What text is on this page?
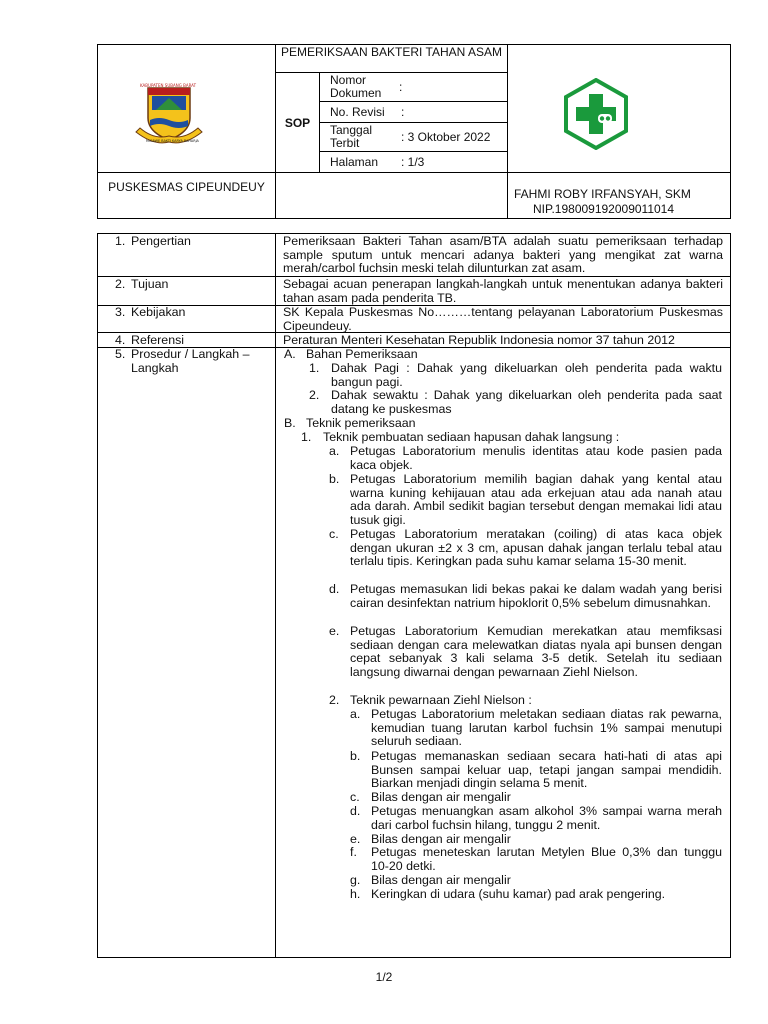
KABUPATEN SUBANG BARAT
MIGAWE BAKTI KARYA RAHARJA
PEMERIKSAAN BAKTERI TAHAN ASAM
SOP
Nomor Dokumen	:
No. Revisi :
Tanggal Terbit	: 3 Oktober 2022
Halaman : 1/3
PUSKESMAS CIPEUNDEUY	FAHMI ROBY IRFANSYAH, SKM
NIP.198009192009011014
1. Pengertian	Pemeriksaan Bakteri Tahan asam/BTA adalah suatu pemeriksaan terhadap sample sputum untuk mencari adanya bakteri yang mengikat zat warna merah/carbol fuchsin meski telah dilunturkan zat asam.
2. Tujuan	Sebagai acuan penerapan langkah-langkah untuk menentukan adanya bakteri tahan asam pada penderita TB.
3. Kebijakan	SK Kepala Puskesmas No………tentang pelayanan Laboratorium Puskesmas Cipeundeuy.
4. Referensi	Peraturan Menteri Kesehatan Republik Indonesia nomor 37 tahun 2012
5. Prosedur / Langkah – Langkah
A. Bahan Pemeriksaan
1. Dahak Pagi : Dahak yang dikeluarkan oleh penderita pada waktu bangun pagi.
2. Dahak sewaktu : Dahak yang dikeluarkan oleh penderita pada saat datang ke puskesmas
B. Teknik pemeriksaan
1. Teknik pembuatan sediaan hapusan dahak langsung :
a. Petugas Laboratorium menulis identitas atau kode pasien pada kaca objek.
b. Petugas Laboratorium memilih bagian dahak yang kental atau warna kuning kehijauan atau ada erkejuan atau ada nanah atau ada darah. Ambil sedikit bagian tersebut dengan memakai lidi atau tusuk gigi.
c. Petugas Laboratorium meratakan (coiling) di atas kaca objek dengan ukuran ±2 x 3 cm, apusan dahak jangan terlalu tebal atau terlalu tipis. Keringkan pada suhu kamar selama 15-30 menit.
d. Petugas memasukan lidi bekas pakai ke dalam wadah yang berisi cairan desinfektan natrium hipoklorit 0,5% sebelum dimusnahkan.
e. Petugas Laboratorium Kemudian merekatkan atau memfiksasi sediaan dengan cara melewatkan diatas nyala api bunsen dengan cepat sebanyak 3 kali selama 3-5 detik. Setelah itu sediaan langsung diwarnai dengan pewarnaan Ziehl Nielson.
2. Teknik pewarnaan Ziehl Nielson :
a. Petugas Laboratorium meletakan sediaan diatas rak pewarna, kemudian tuang larutan karbol fuchsin 1% sampai menutupi seluruh sediaan.
b. Petugas memanaskan sediaan secara hati-hati di atas api Bunsen sampai keluar uap, tetapi jangan sampai mendidih. Biarkan menjadi dingin selama 5 menit.
c. Bilas dengan air mengalir
d. Petugas menuangkan asam alkohol 3% sampai warna merah dari carbol fuchsin hilang, tunggu 2 menit.
e. Bilas dengan air mengalir
f. Petugas meneteskan larutan Metylen Blue 0,3% dan tunggu 10-20 detki.
g. Bilas dengan air mengalir
h. Keringkan di udara (suhu kamar) pad arak pengering.
1/2
